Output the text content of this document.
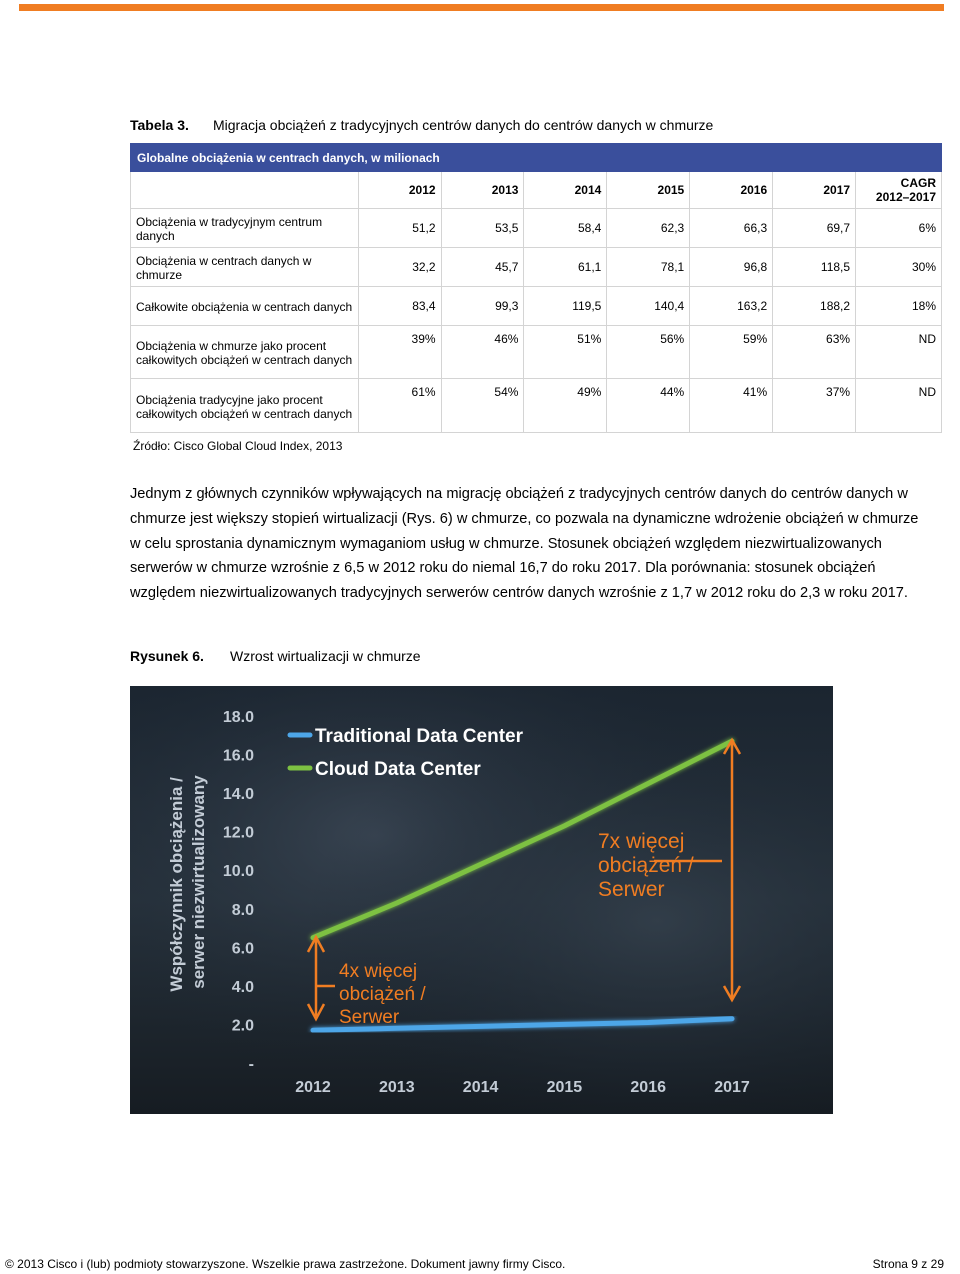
Tabela 3. Migracja obciążeń z tradycyjnych centrów danych do centrów danych w chmurze
Globalne obciążenia w centrach danych, w milionach							
	2012	2013	2014	2015	2016	2017	CAGR
2012–2017
Obciążenia w tradycyjnym centrum danych	51,2	53,5	58,4	62,3	66,3	69,7	6%
Obciążenia w centrach danych w chmurze	32,2	45,7	61,1	78,1	96,8	118,5	30%
Całkowite obciążenia w centrach danych	83,4	99,3	119,5	140,4	163,2	188,2	18%
Obciążenia w chmurze jako procent całkowitych obciążeń w centrach danych	39%	46%	51%	56%	59%	63%	ND
Obciążenia tradycyjne jako procent całkowitych obciążeń w centrach danych	61%	54%	49%	44%	41%	37%	ND
Źródło: Cisco Global Cloud Index, 2013
Jednym z głównych czynników wpływających na migrację obciążeń z tradycyjnych centrów danych do centrów danych w chmurze jest większy stopień wirtualizacji (Rys. 6) w chmurze, co pozwala na dynamiczne wdrożenie obciążeń w chmurze w celu sprostania dynamicznym wymaganiom usług w chmurze. Stosunek obciążeń względem niezwirtualizowanych serwerów w chmurze wzrośnie z 6,5 w 2012 roku do niemal 16,7 do roku 2017. Dla porównania: stosunek obciążeń względem niezwirtualizowanych tradycyjnych serwerów centrów danych wzrośnie z 1,7 w 2012 roku do 2,3 w roku 2017.
Rysunek 6. Wzrost wirtualizacji w chmurze
18.0
16.0
14.0
12.0
10.0
8.0
6.0
4.0
2.0
-
2012	2013	2014	2015	2016	2017
Współczynnik obciążenia / serwer niezwirtualizowany
Traditional Data Center
Cloud Data Center
7x więcej
obciążeń /
Serwer
4x więcej
obciążeń /
Serwer
© 2013 Cisco i (lub) podmioty stowarzyszone. Wszelkie prawa zastrzeżone. Dokument jawny firmy Cisco.	Strona 9 z 29
